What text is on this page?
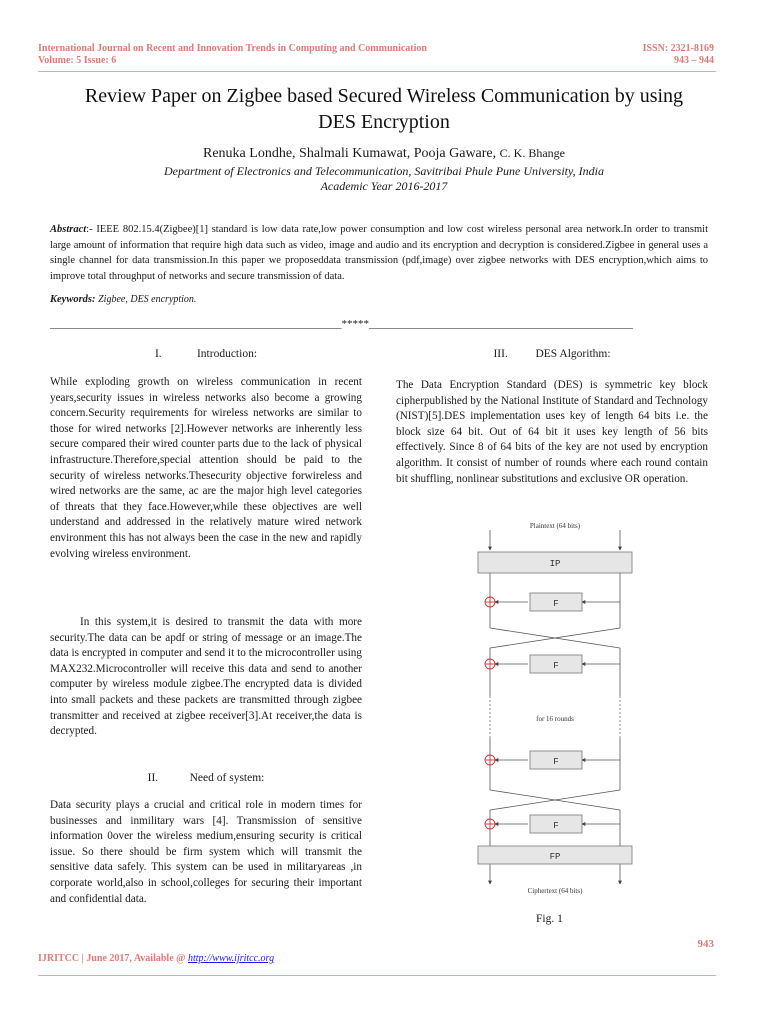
International Journal on Recent and Innovation Trends in Computing and Communication
Volume: 5 Issue: 6
ISSN: 2321-8169
943 – 944
Review Paper on Zigbee based Secured Wireless Communication by using
DES Encryption
Renuka Londhe, Shalmali Kumawat, Pooja Gaware, C. K. Bhange
Department of Electronics and Telecommunication, Savitribai Phule Pune University, India
Academic Year 2016-2017
Abstract:- IEEE 802.15.4(Zigbee)[1] standard is low data rate,low power consumption and low cost wireless personal area network.In order to transmit large amount of information that require high data such as video, image and audio and its encryption and decryption is considered.Zigbee in general uses a single channel for data transmission.In this paper we proposeddata transmission (pdf,image) over zigbee networks with DES encryption,which aims to improve total throughput of networks and secure transmission of data.
Keywords: Zigbee, DES encryption.
_____________________________________________________*****________________________________________________
I.	Introduction:

While exploding growth on wireless communication in recent years,security issues in wireless networks also become a growing concern.Security requirements for wireless networks are similar to those for wired networks [2].However networks are inherently less secure compared their wired counter parts due to the lack of physical infrastructure.Therefore,special attention should be paid to the security of wireless networks.Thesecurity objective forwireless and wired networks are the same, ac are the major high level categories of threats that they face.However,while these objectives are well understand and addressed in the relatively mature wired network environment this has not always been the case in the new and rapidly evolving wireless environment.

In this system,it is desired to transmit the data with more security.The data can be apdf or string of message or an image.The data is encrypted in computer and send it to the microcontroller using MAX232.Microcontroller will receive this data and send to another computer by wireless module zigbee.The encrypted data is divided into small packets and these packets are transmitted through zigbee transmitter and received at zigbee receiver[3].At receiver,the data is decrypted.

II.	Need of system:

Data security plays a crucial and critical role in modern times for businesses and inmilitary wars [4]. Transmission of sensitive information 0over the wireless medium,ensuring security is critical issue. So there should be firm system which will transmit the sensitive data safely. This system can be used in militaryareas ,in corporate world,also in school,colleges for securing their important and confidential data.

III. DES Algorithm:

The Data Encryption Standard (DES) is symmetric key block cipherpublished by the National Institute of Standard and Technology (NIST)[5].DES implementation uses key of length 64 bits i.e. the block size 64 bit. Out of 64 bit it uses key length of 56 bits effectively. Since 8 of 64 bits of the key are not used by encryption algorithm. It consist of number of rounds where each round contain bit shuffling, nonlinear substitutions and exclusive OR operation.

Plaintext (64 bits)
IP
F
F
for 16 rounds
F
F
FP
Ciphertext (64 bits)
Fig. 1
943
IJRITCC | June 2017, Available @ http://www.ijritcc.org
